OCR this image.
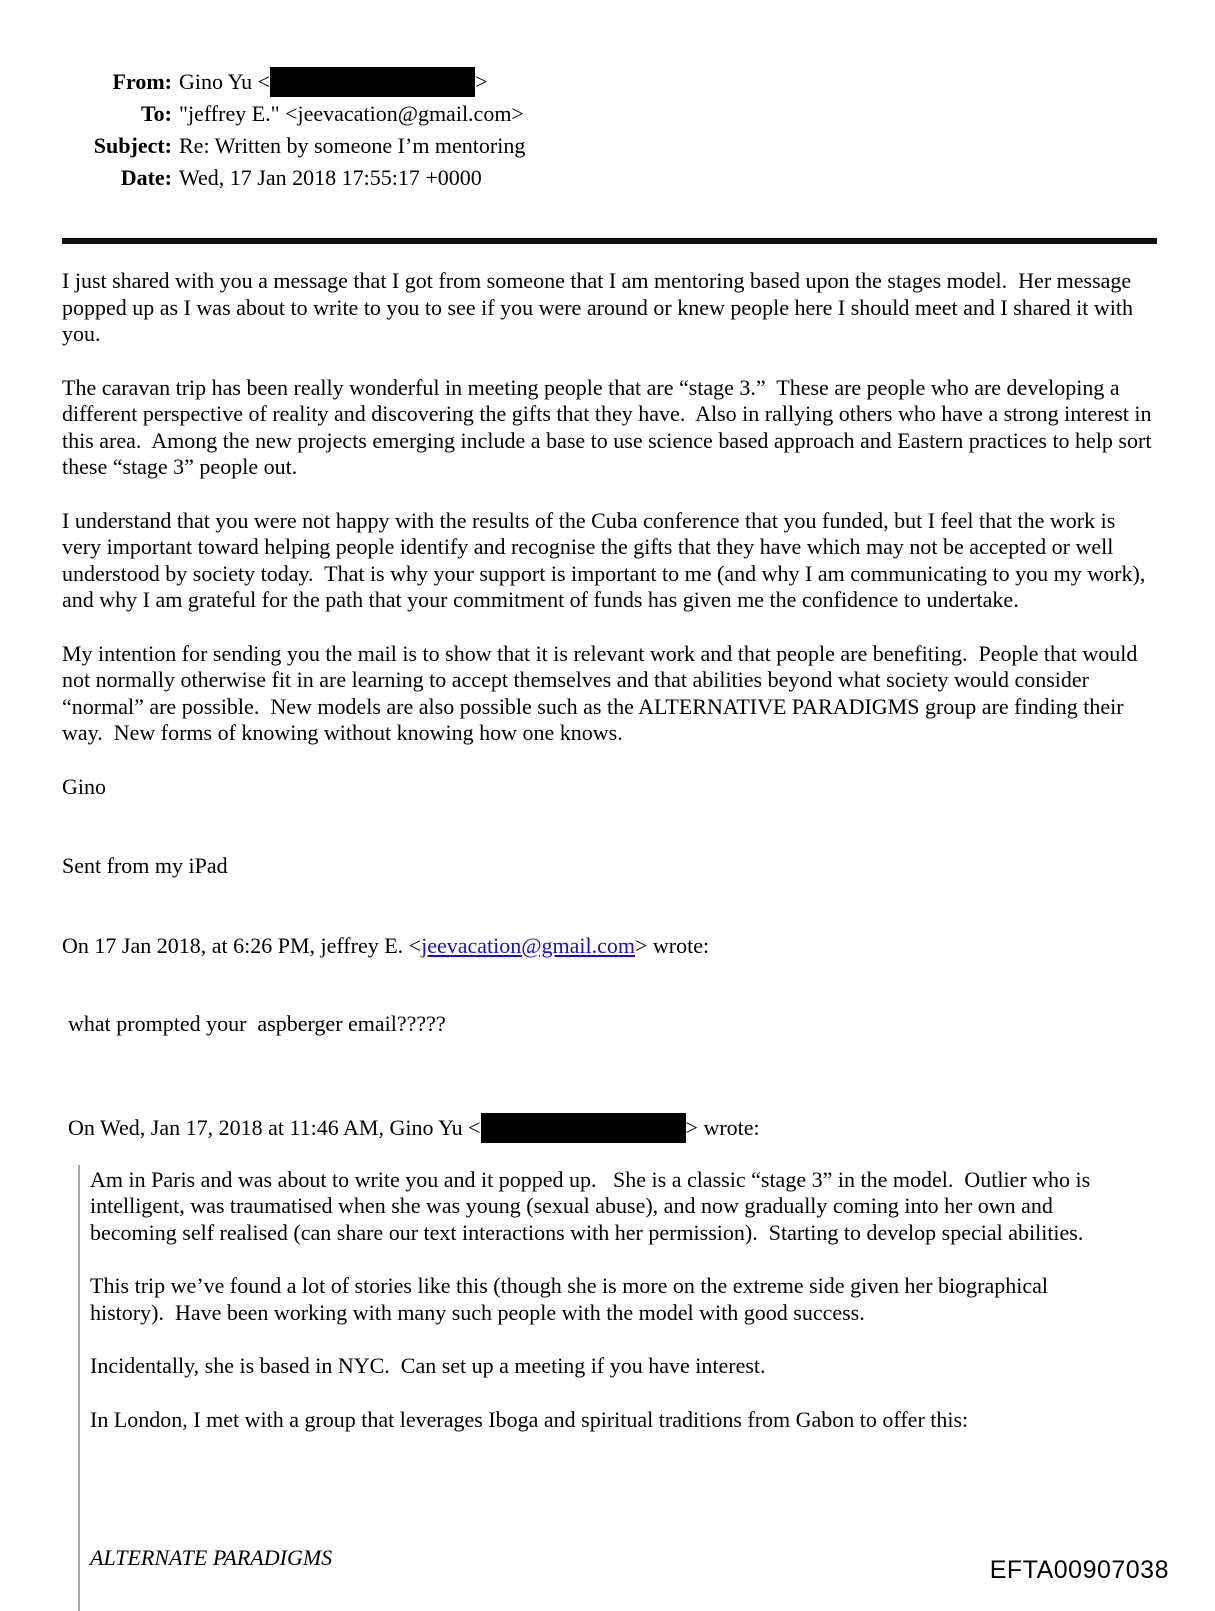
From: Gino Yu <	>
To: "jeffrey E." <jeevacation@gmail.com>
Subject: Re: Written by someone I’m mentoring
Date: Wed, 17 Jan 2018 17:55:17 +0000

I just shared with you a message that I got from someone that I am mentoring based upon the stages model.  Her message popped up as I was about to write to you to see if you were around or knew people here I should meet and I shared it with you.

The caravan trip has been really wonderful in meeting people that are “stage 3.”  These are people who are developing a different perspective of reality and discovering the gifts that they have.  Also in rallying others who have a strong interest in this area.  Among the new projects emerging include a base to use science based approach and Eastern practices to help sort these “stage 3” people out.

I understand that you were not happy with the results of the Cuba conference that you funded, but I feel that the work is very important toward helping people identify and recognise the gifts that they have which may not be accepted or well understood by society today.  That is why your support is important to me (and why I am communicating to you my work), and why I am grateful for the path that your commitment of funds has given me the confidence to undertake.

My intention for sending you the mail is to show that it is relevant work and that people are benefiting.  People that would not normally otherwise fit in are learning to accept themselves and that abilities beyond what society would consider “normal” are possible.  New models are also possible such as the ALTERNATIVE PARADIGMS group are finding their way.  New forms of knowing without knowing how one knows.

Gino

Sent from my iPad

On 17 Jan 2018, at 6:26 PM, jeffrey E. <jeevacation@gmail.com> wrote:

what prompted your  aspberger email?????

On Wed, Jan 17, 2018 at 11:46 AM, Gino Yu <	> wrote:

Am in Paris and was about to write you and it popped up.   She is a classic “stage 3” in the model.  Outlier who is intelligent, was traumatised when she was young (sexual abuse), and now gradually coming into her own and becoming self realised (can share our text interactions with her permission).  Starting to develop special abilities.

This trip we’ve found a lot of stories like this (though she is more on the extreme side given her biographical history).  Have been working with many such people with the model with good success.

Incidentally, she is based in NYC.  Can set up a meeting if you have interest.

In London, I met with a group that leverages Iboga and spiritual traditions from Gabon to offer this:

ALTERNATE PARADIGMS	EFTA00907038
